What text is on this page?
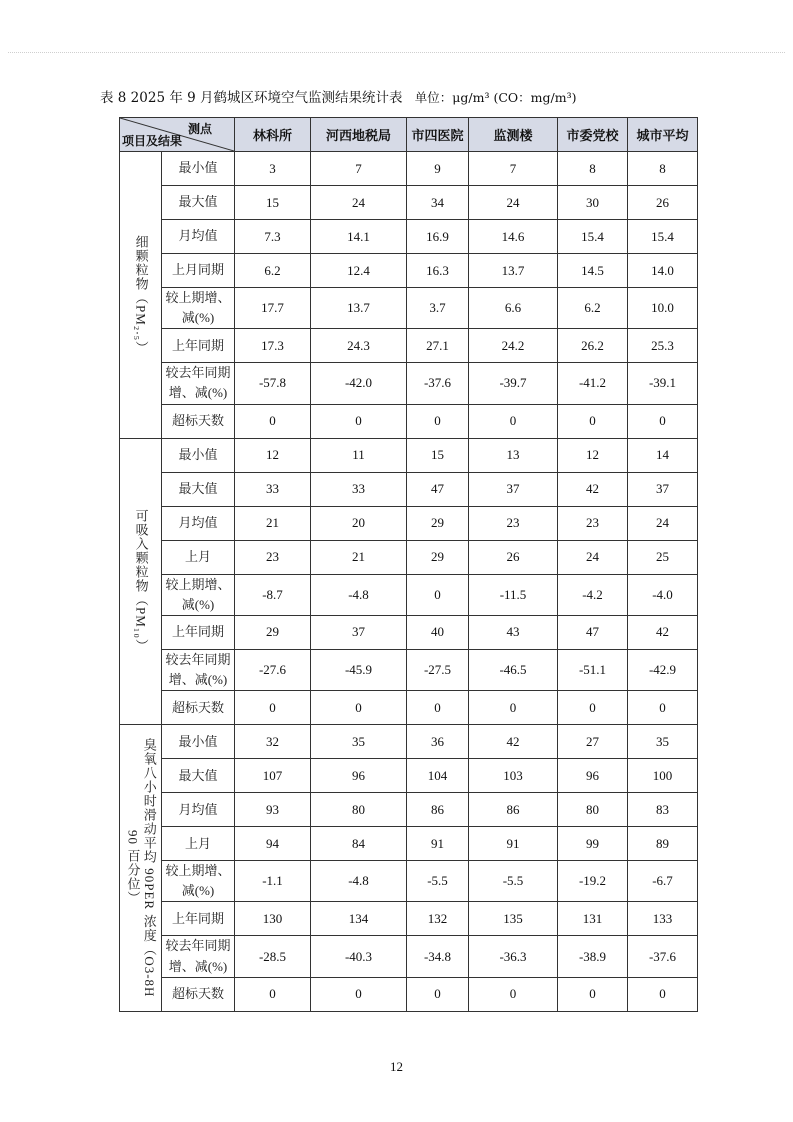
表 8 2025 年 9 月鹤城区环境空气监测结果统计表 单位：μg/m³ (CO：mg/m³)
测点
项目及结果		林科所	河西地税局	市四医院	监测楼	市委党校	城市平均
细颗粒物（PM₂.₅）	最小值	3	7	9	7	8	8
	最大值	15	24	34	24	30	26
	月均值	7.3	14.1	16.9	14.6	15.4	15.4
	上月同期	6.2	12.4	16.3	13.7	14.5	14.0
	较上期增、减(%)	17.7	13.7	3.7	6.6	6.2	10.0
	上年同期	17.3	24.3	27.1	24.2	26.2	25.3
	较去年同期增、减(%)	-57.8	-42.0	-37.6	-39.7	-41.2	-39.1
	超标天数	0	0	0	0	0	0
可吸入颗粒物（PM₁₀）	最小值	12	11	15	13	12	14
	最大值	33	33	47	37	42	37
	月均值	21	20	29	23	23	24
	上月	23	21	29	26	24	25
	较上期增、减(%)	-8.7	-4.8	0	-11.5	-4.2	-4.0
	上年同期	29	37	40	43	47	42
	较去年同期增、减(%)	-27.6	-45.9	-27.5	-46.5	-51.1	-42.9
	超标天数	0	0	0	0	0	0
臭氧八小时滑动平均 90PER 浓度（O3-8H 90 百分位）	最小值	32	35	36	42	27	35
	最大值	107	96	104	103	96	100
	月均值	93	80	86	86	80	83
	上月	94	84	91	91	99	89
	较上期增、减(%)	-1.1	-4.8	-5.5	-5.5	-19.2	-6.7
	上年同期	130	134	132	135	131	133
	较去年同期增、减(%)	-28.5	-40.3	-34.8	-36.3	-38.9	-37.6
	超标天数	0	0	0	0	0	0
12
